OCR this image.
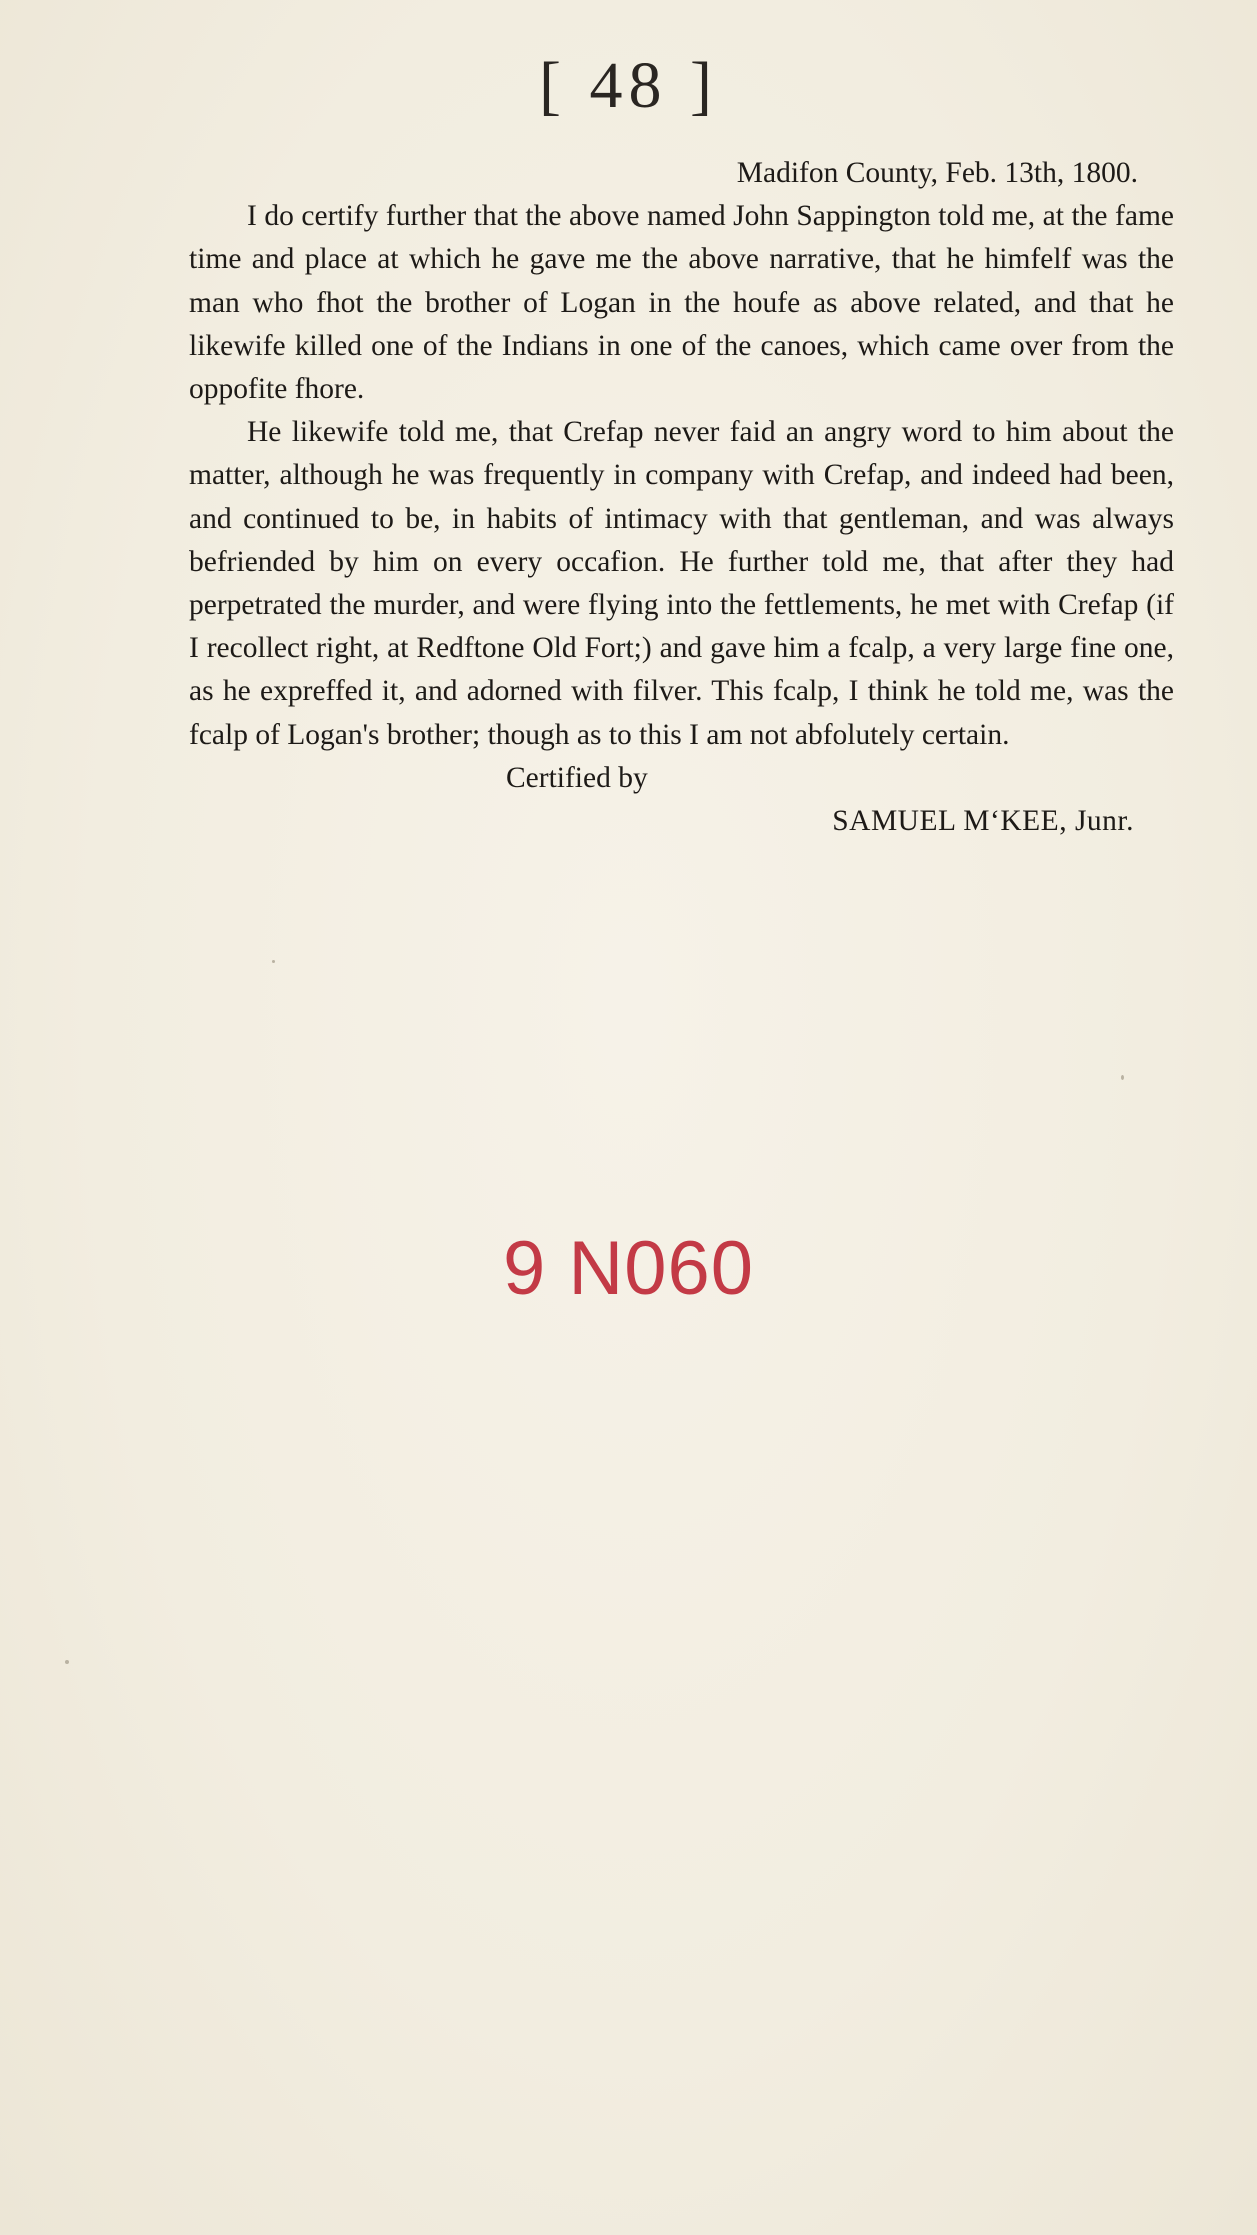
[ 48 ]

Madifon County, Feb. 13th, 1800.

I do certify further that the above named John Sappington told me, at the fame time and place at which he gave me the above narrative, that he himfelf was the man who fhot the brother of Logan in the houfe as above related, and that he likewife killed one of the Indians in one of the canoes, which came over from the oppofite fhore.

He likewife told me, that Crefap never faid an angry word to him about the matter, although he was frequently in company with Crefap, and indeed had been, and continued to be, in habits of intimacy with that gentleman, and was always befriended by him on every occafion. He further told me, that after they had perpetrated the murder, and were flying into the fettlements, he met with Crefap (if I recollect right, at Redftone Old Fort;) and gave him a fcalp, a very large fine one, as he expreffed it, and adorned with filver. This fcalp, I think he told me, was the fcalp of Logan's brother; though as to this I am not abfolutely certain.

Certified by

SAMUEL M‘KEE, Junr.

9 N060
